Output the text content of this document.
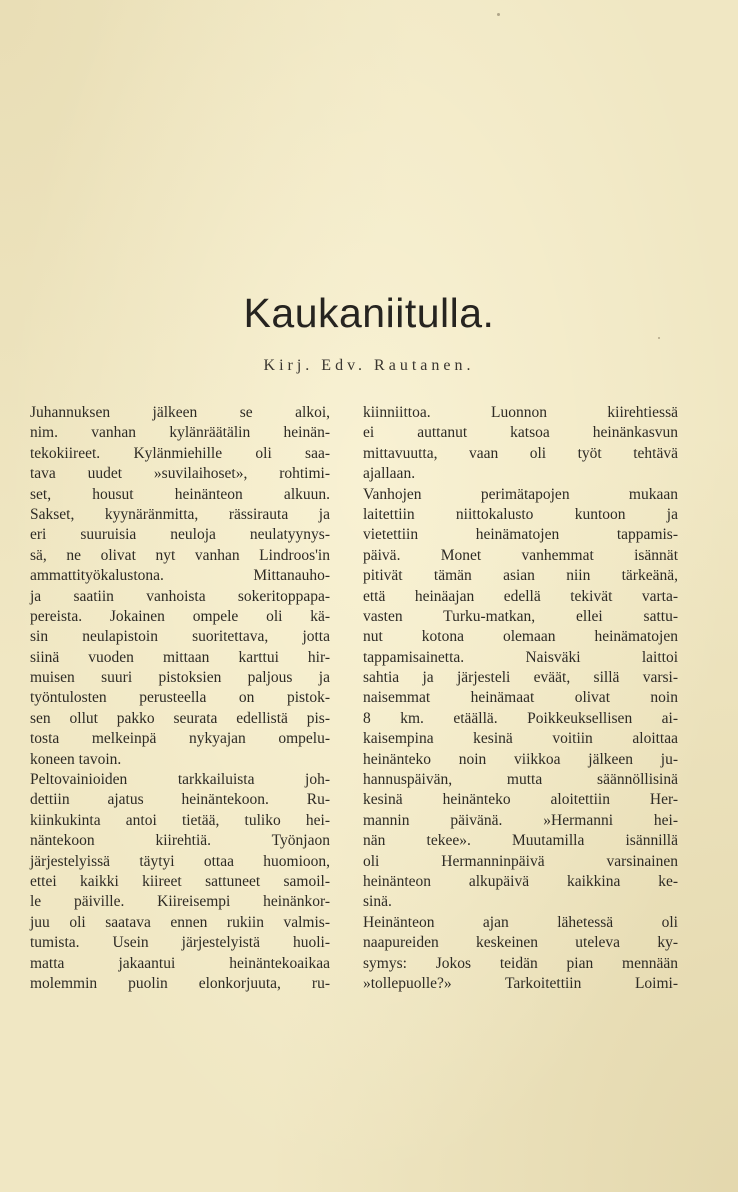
Kaukaniitulla.
Kirj. Edv. Rautanen.
Juhannuksen jälkeen se alkoi,
nim. vanhan kylänräätälin heinän-
tekokiireet. Kylänmiehille oli saa-
tava uudet »suvilaihoset», rohtimi-
set, housut heinänteon alkuun.
Sakset, kyynäränmitta, rässirauta ja
eri suuruisia neuloja neulatyynys-
sä, ne olivat nyt vanhan Lindroos'in
ammattityökalustona. Mittanauho-
ja saatiin vanhoista sokeritoppapa-
pereista. Jokainen ompele oli kä-
sin neulapistoin suoritettava, jotta
siinä vuoden mittaan karttui hir-
muisen suuri pistoksien paljous ja
työntulosten perusteella on pistok-
sen ollut pakko seurata edellistä pis-
tosta melkeinpä nykyajan ompelu-
koneen tavoin.
Peltovainioiden tarkkailuista joh-
dettiin ajatus heinäntekoon. Ru-
kiinkukinta antoi tietää, tuliko hei-
näntekoon kiirehtiä. Työnjaon
järjestelyissä täytyi ottaa huomioon,
ettei kaikki kiireet sattuneet samoil-
le päiville. Kiireisempi heinänkor-
juu oli saatava ennen rukiin valmis-
tumista. Usein järjestelyistä huoli-
matta jakaantui heinäntekoaikaa
molemmin puolin elonkorjuuta, ru-
kiinniittoa. Luonnon kiirehtiessä
ei auttanut katsoa heinänkasvun
mittavuutta, vaan oli työt tehtävä
ajallaan.
Vanhojen perimätapojen mukaan
laitettiin niittokalusto kuntoon ja
vietettiin heinämatojen tappamis-
päivä. Monet vanhemmat isännät
pitivät tämän asian niin tärkeänä,
että heinäajan edellä tekivät varta-
vasten Turku-matkan, ellei sattu-
nut kotona olemaan heinämatojen
tappamisainetta. Naisväki laittoi
sahtia ja järjesteli eväät, sillä varsi-
naisemmat heinämaat olivat noin
8 km. etäällä. Poikkeuksellisen ai-
kaisempina kesinä voitiin aloittaa
heinänteko noin viikkoa jälkeen ju-
hannuspäivän, mutta säännöllisinä
kesinä heinänteko aloitettiin Her-
mannin päivänä. »Hermanni hei-
nän tekee». Muutamilla isännillä
oli Hermanninpäivä varsinainen
heinänteon alkupäivä kaikkina ke-
sinä.
Heinänteon ajan lähetessä oli
naapureiden keskeinen uteleva ky-
symys: Jokos teidän pian mennään
»tollepuolle?» Tarkoitettiin Loimi-
